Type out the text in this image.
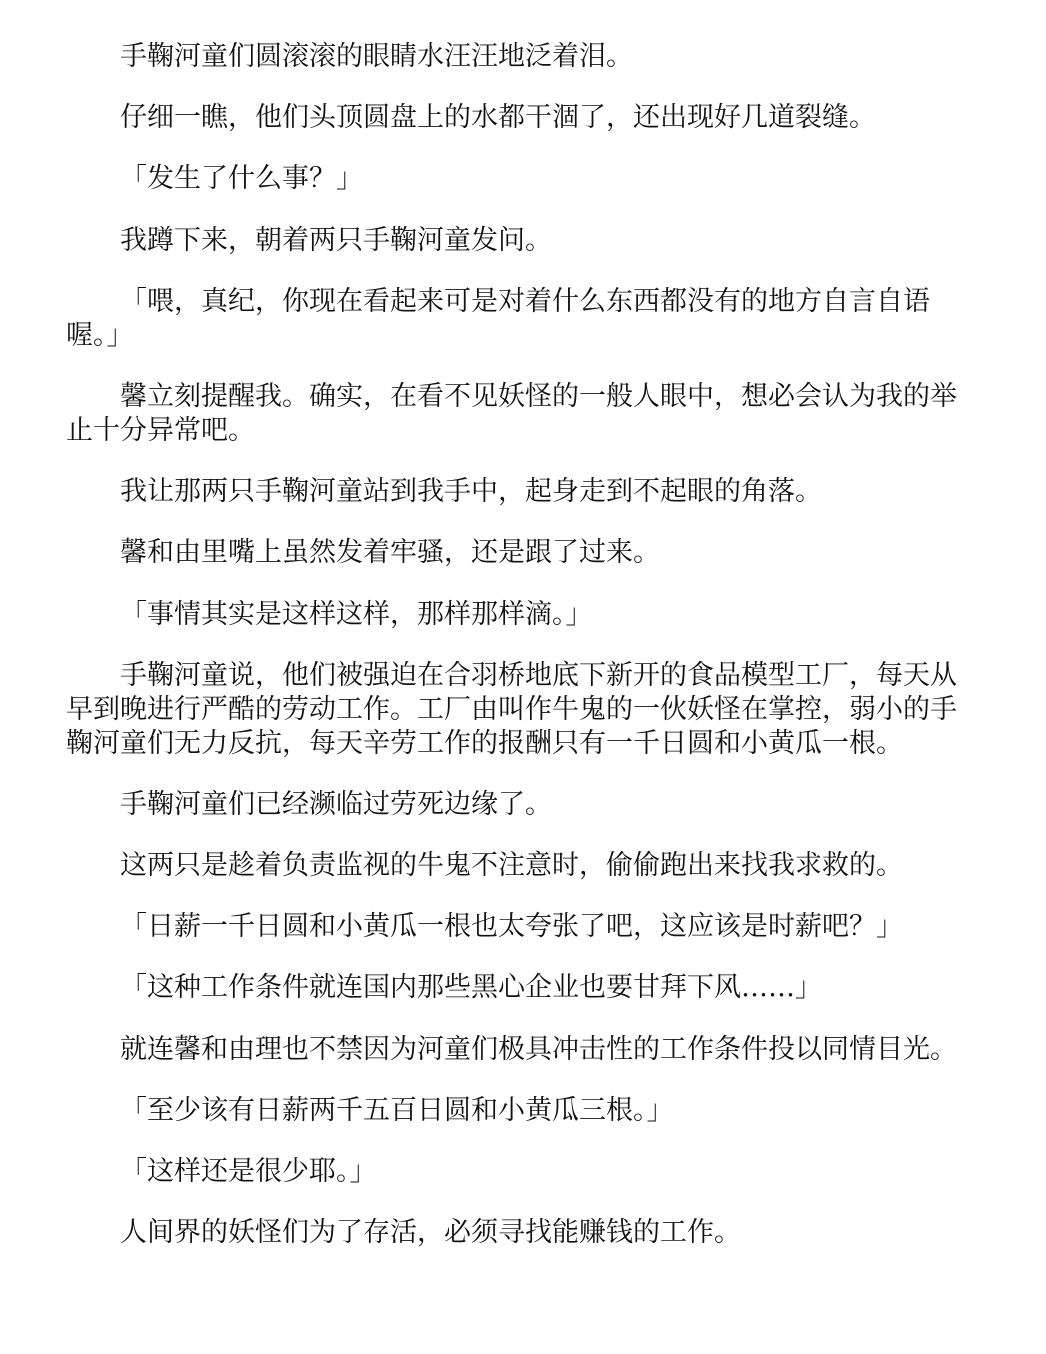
手鞠河童们圆滚滚的眼睛水汪汪地泛着泪。

仔细一瞧，他们头顶圆盘上的水都干涸了，还出现好几道裂缝。

「发生了什么事？」

我蹲下来，朝着两只手鞠河童发问。

「喂，真纪，你现在看起来可是对着什么东西都没有的地方自言自语喔。」

馨立刻提醒我。确实，在看不见妖怪的一般人眼中，想必会认为我的举止十分异常吧。

我让那两只手鞠河童站到我手中，起身走到不起眼的角落。

馨和由里嘴上虽然发着牢骚，还是跟了过来。

「事情其实是这样这样，那样那样滴。」

手鞠河童说，他们被强迫在合羽桥地底下新开的食品模型工厂，每天从早到晚进行严酷的劳动工作。工厂由叫作牛鬼的一伙妖怪在掌控，弱小的手鞠河童们无力反抗，每天辛劳工作的报酬只有一千日圆和小黄瓜一根。

手鞠河童们已经濒临过劳死边缘了。

这两只是趁着负责监视的牛鬼不注意时，偷偷跑出来找我求救的。

「日薪一千日圆和小黄瓜一根也太夸张了吧，这应该是时薪吧？」

「这种工作条件就连国内那些黑心企业也要甘拜下风……」

就连馨和由理也不禁因为河童们极具冲击性的工作条件投以同情目光。

「至少该有日薪两千五百日圆和小黄瓜三根。」

「这样还是很少耶。」

人间界的妖怪们为了存活，必须寻找能赚钱的工作。
